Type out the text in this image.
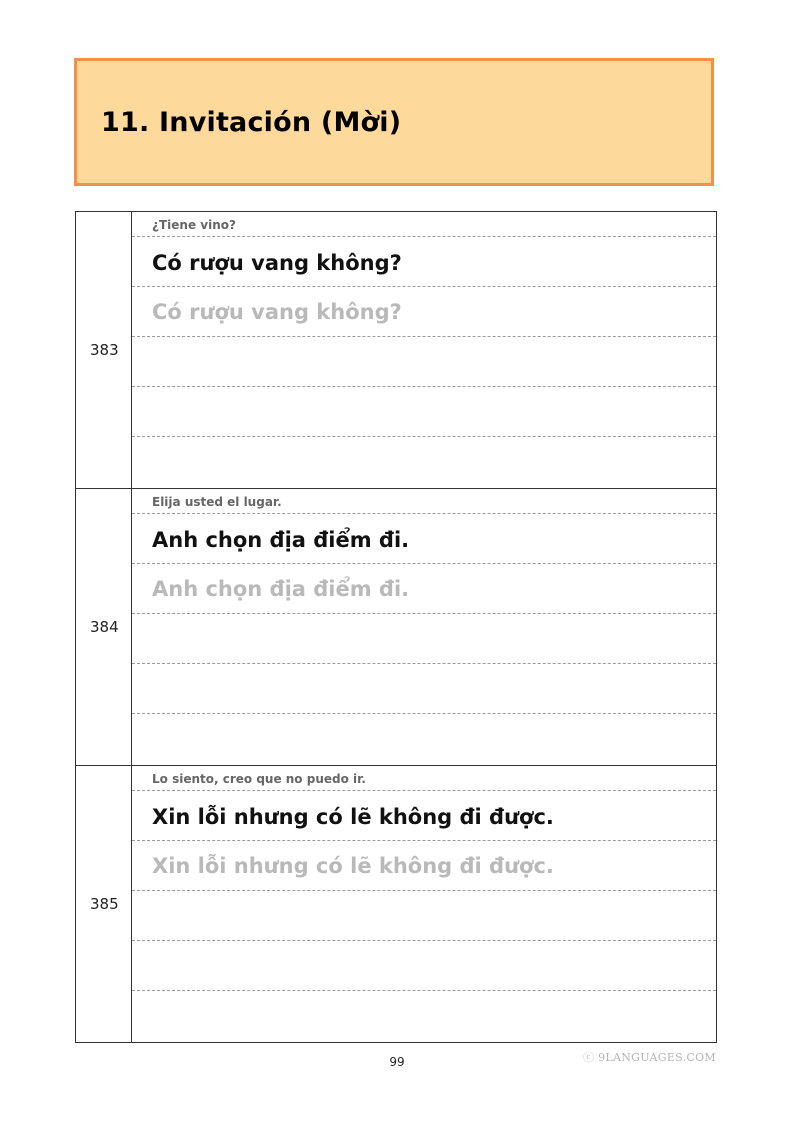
11. Invitación (Mời)
383
¿Tiene vino?
Có rượu vang không?
Có rượu vang không?
384
Elija usted el lugar.
Anh chọn địa điểm đi.
Anh chọn địa điểm đi.
385
Lo siento, creo que no puedo ir.
Xin lỗi nhưng có lẽ không đi được.
Xin lỗi nhưng có lẽ không đi được.
99	ⓒ 9LANGUAGES.COM
